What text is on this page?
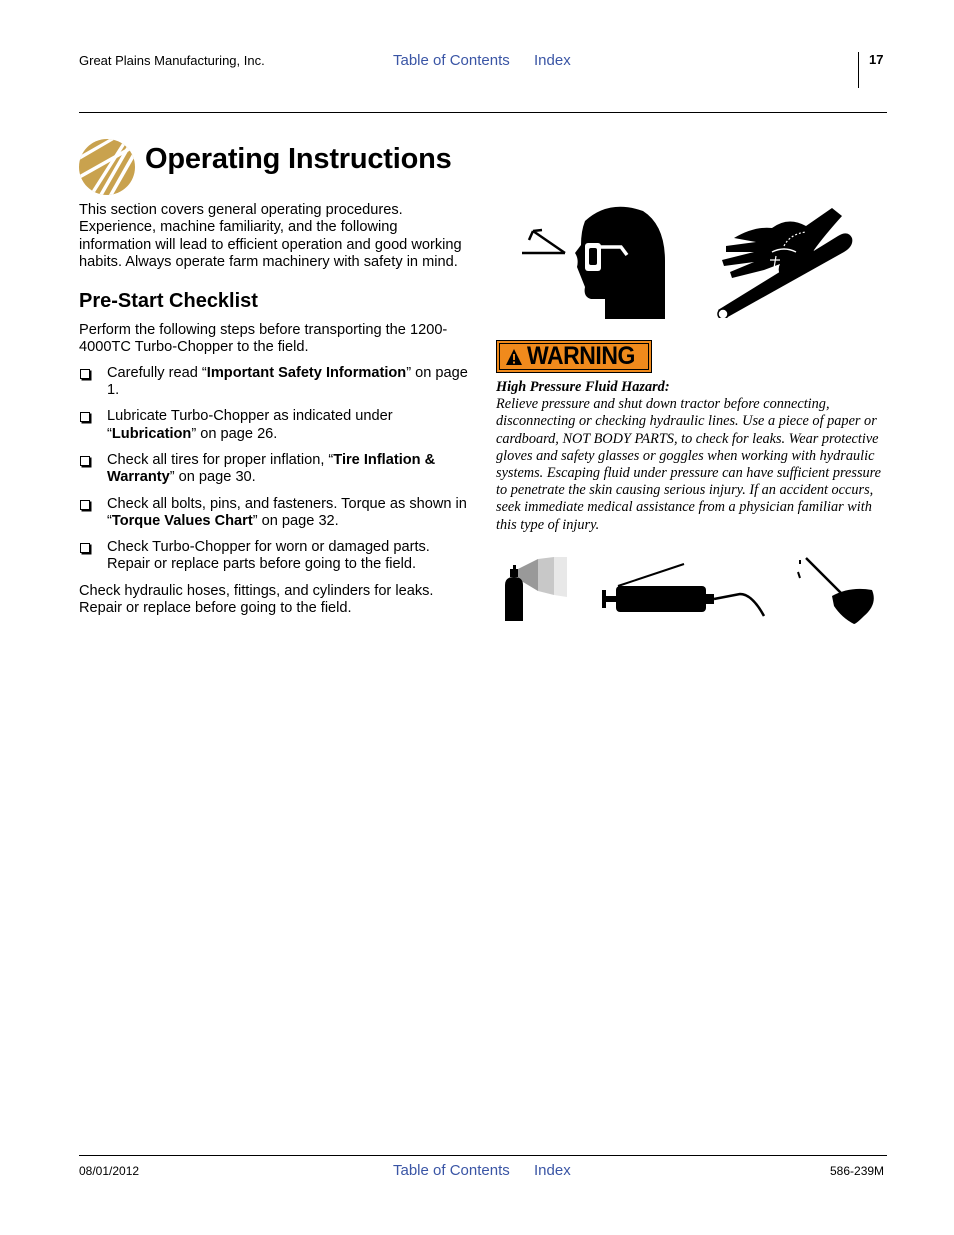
Great Plains Manufacturing, Inc.	Table of Contents Index	17
Operating Instructions

This section covers general operating procedures. Experience, machine familiarity, and the following information will lead to efficient operation and good working habits. Always operate farm machinery with safety in mind.

Pre-Start Checklist

Perform the following steps before transporting the 1200-4000TC Turbo-Chopper to the field.

Carefully read “Important Safety Information” on page 1.
Lubricate Turbo-Chopper as indicated under “Lubrication” on page 26.
Check all tires for proper inflation, “Tire Inflation & Warranty” on page 30.
Check all bolts, pins, and fasteners. Torque as shown in “Torque Values Chart” on page 32.
Check Turbo-Chopper for worn or damaged parts. Repair or replace parts before going to the field.

Check hydraulic hoses, fittings, and cylinders for leaks. Repair or replace before going to the field.

WARNING

High Pressure Fluid Hazard:

Relieve pressure and shut down tractor before connecting, disconnecting or checking hydraulic lines. Use a piece of paper or cardboard, NOT BODY PARTS, to check for leaks. Wear protective gloves and safety glasses or goggles when working with hydraulic systems. Escaping fluid under pressure can have sufficient pressure to penetrate the skin causing serious injury. If an accident occurs, seek immediate medical assistance from a physician familiar with this type of injury.

08/01/2012	Table of Contents Index	586-239M
